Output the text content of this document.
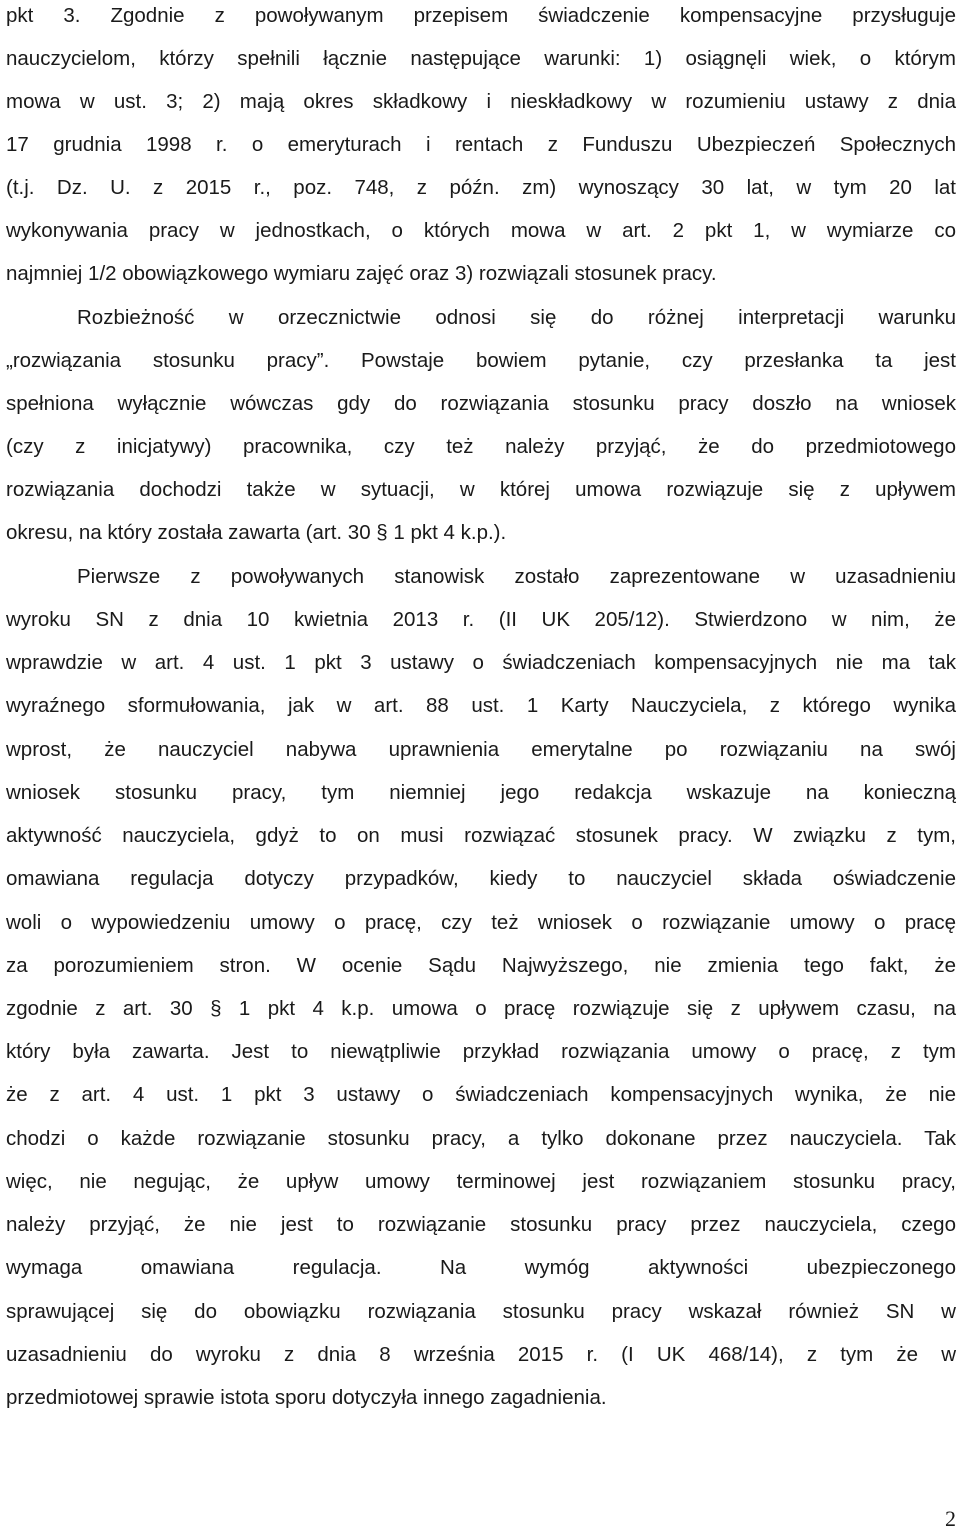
pkt 3. Zgodnie z powoływanym przepisem świadczenie kompensacyjne przysługuje
nauczycielom, którzy spełnili łącznie następujące warunki: 1) osiągnęli wiek, o którym
mowa w ust. 3; 2) mają okres składkowy i nieskładkowy w rozumieniu ustawy z dnia
17 grudnia 1998 r. o emeryturach i rentach z Funduszu Ubezpieczeń Społecznych
(t.j. Dz. U. z 2015 r., poz. 748, z późn. zm) wynoszący 30 lat, w tym 20 lat
wykonywania pracy w jednostkach, o których mowa w art. 2 pkt 1, w wymiarze co
najmniej 1/2 obowiązkowego wymiaru zajęć oraz 3) rozwiązali stosunek pracy.
Rozbieżność w orzecznictwie odnosi się do różnej interpretacji warunku
„rozwiązania stosunku pracy”. Powstaje bowiem pytanie, czy przesłanka ta jest
spełniona wyłącznie wówczas gdy do rozwiązania stosunku pracy doszło na wniosek
(czy z inicjatywy) pracownika, czy też należy przyjąć, że do przedmiotowego
rozwiązania dochodzi także w sytuacji, w której umowa rozwiązuje się z upływem
okresu, na który została zawarta (art. 30 § 1 pkt 4 k.p.).
Pierwsze z powoływanych stanowisk zostało zaprezentowane w uzasadnieniu
wyroku SN z dnia 10 kwietnia 2013 r. (II UK 205/12). Stwierdzono w nim, że
wprawdzie w art. 4 ust. 1 pkt 3 ustawy o świadczeniach kompensacyjnych nie ma tak
wyraźnego sformułowania, jak w art. 88 ust. 1 Karty Nauczyciela, z którego wynika
wprost, że nauczyciel nabywa uprawnienia emerytalne po rozwiązaniu na swój
wniosek stosunku pracy, tym niemniej jego redakcja wskazuje na konieczną
aktywność nauczyciela, gdyż to on musi rozwiązać stosunek pracy. W związku z tym,
omawiana regulacja dotyczy przypadków, kiedy to nauczyciel składa oświadczenie
woli o wypowiedzeniu umowy o pracę, czy też wniosek o rozwiązanie umowy o pracę
za porozumieniem stron. W ocenie Sądu Najwyższego, nie zmienia tego fakt, że
zgodnie z art. 30 § 1 pkt 4 k.p. umowa o pracę rozwiązuje się z upływem czasu, na
który była zawarta. Jest to niewątpliwie przykład rozwiązania umowy o pracę, z tym
że z art. 4 ust. 1 pkt 3 ustawy o świadczeniach kompensacyjnych wynika, że nie
chodzi o każde rozwiązanie stosunku pracy, a tylko dokonane przez nauczyciela. Tak
więc, nie negując, że upływ umowy terminowej jest rozwiązaniem stosunku pracy,
należy przyjąć, że nie jest to rozwiązanie stosunku pracy przez nauczyciela, czego
wymaga omawiana regulacja. Na wymóg aktywności ubezpieczonego
sprawującej się do obowiązku rozwiązania stosunku pracy wskazał również SN w
uzasadnieniu do wyroku z dnia 8 września 2015 r. (I UK 468/14), z tym że w
przedmiotowej sprawie istota sporu dotyczyła innego zagadnienia.
2
